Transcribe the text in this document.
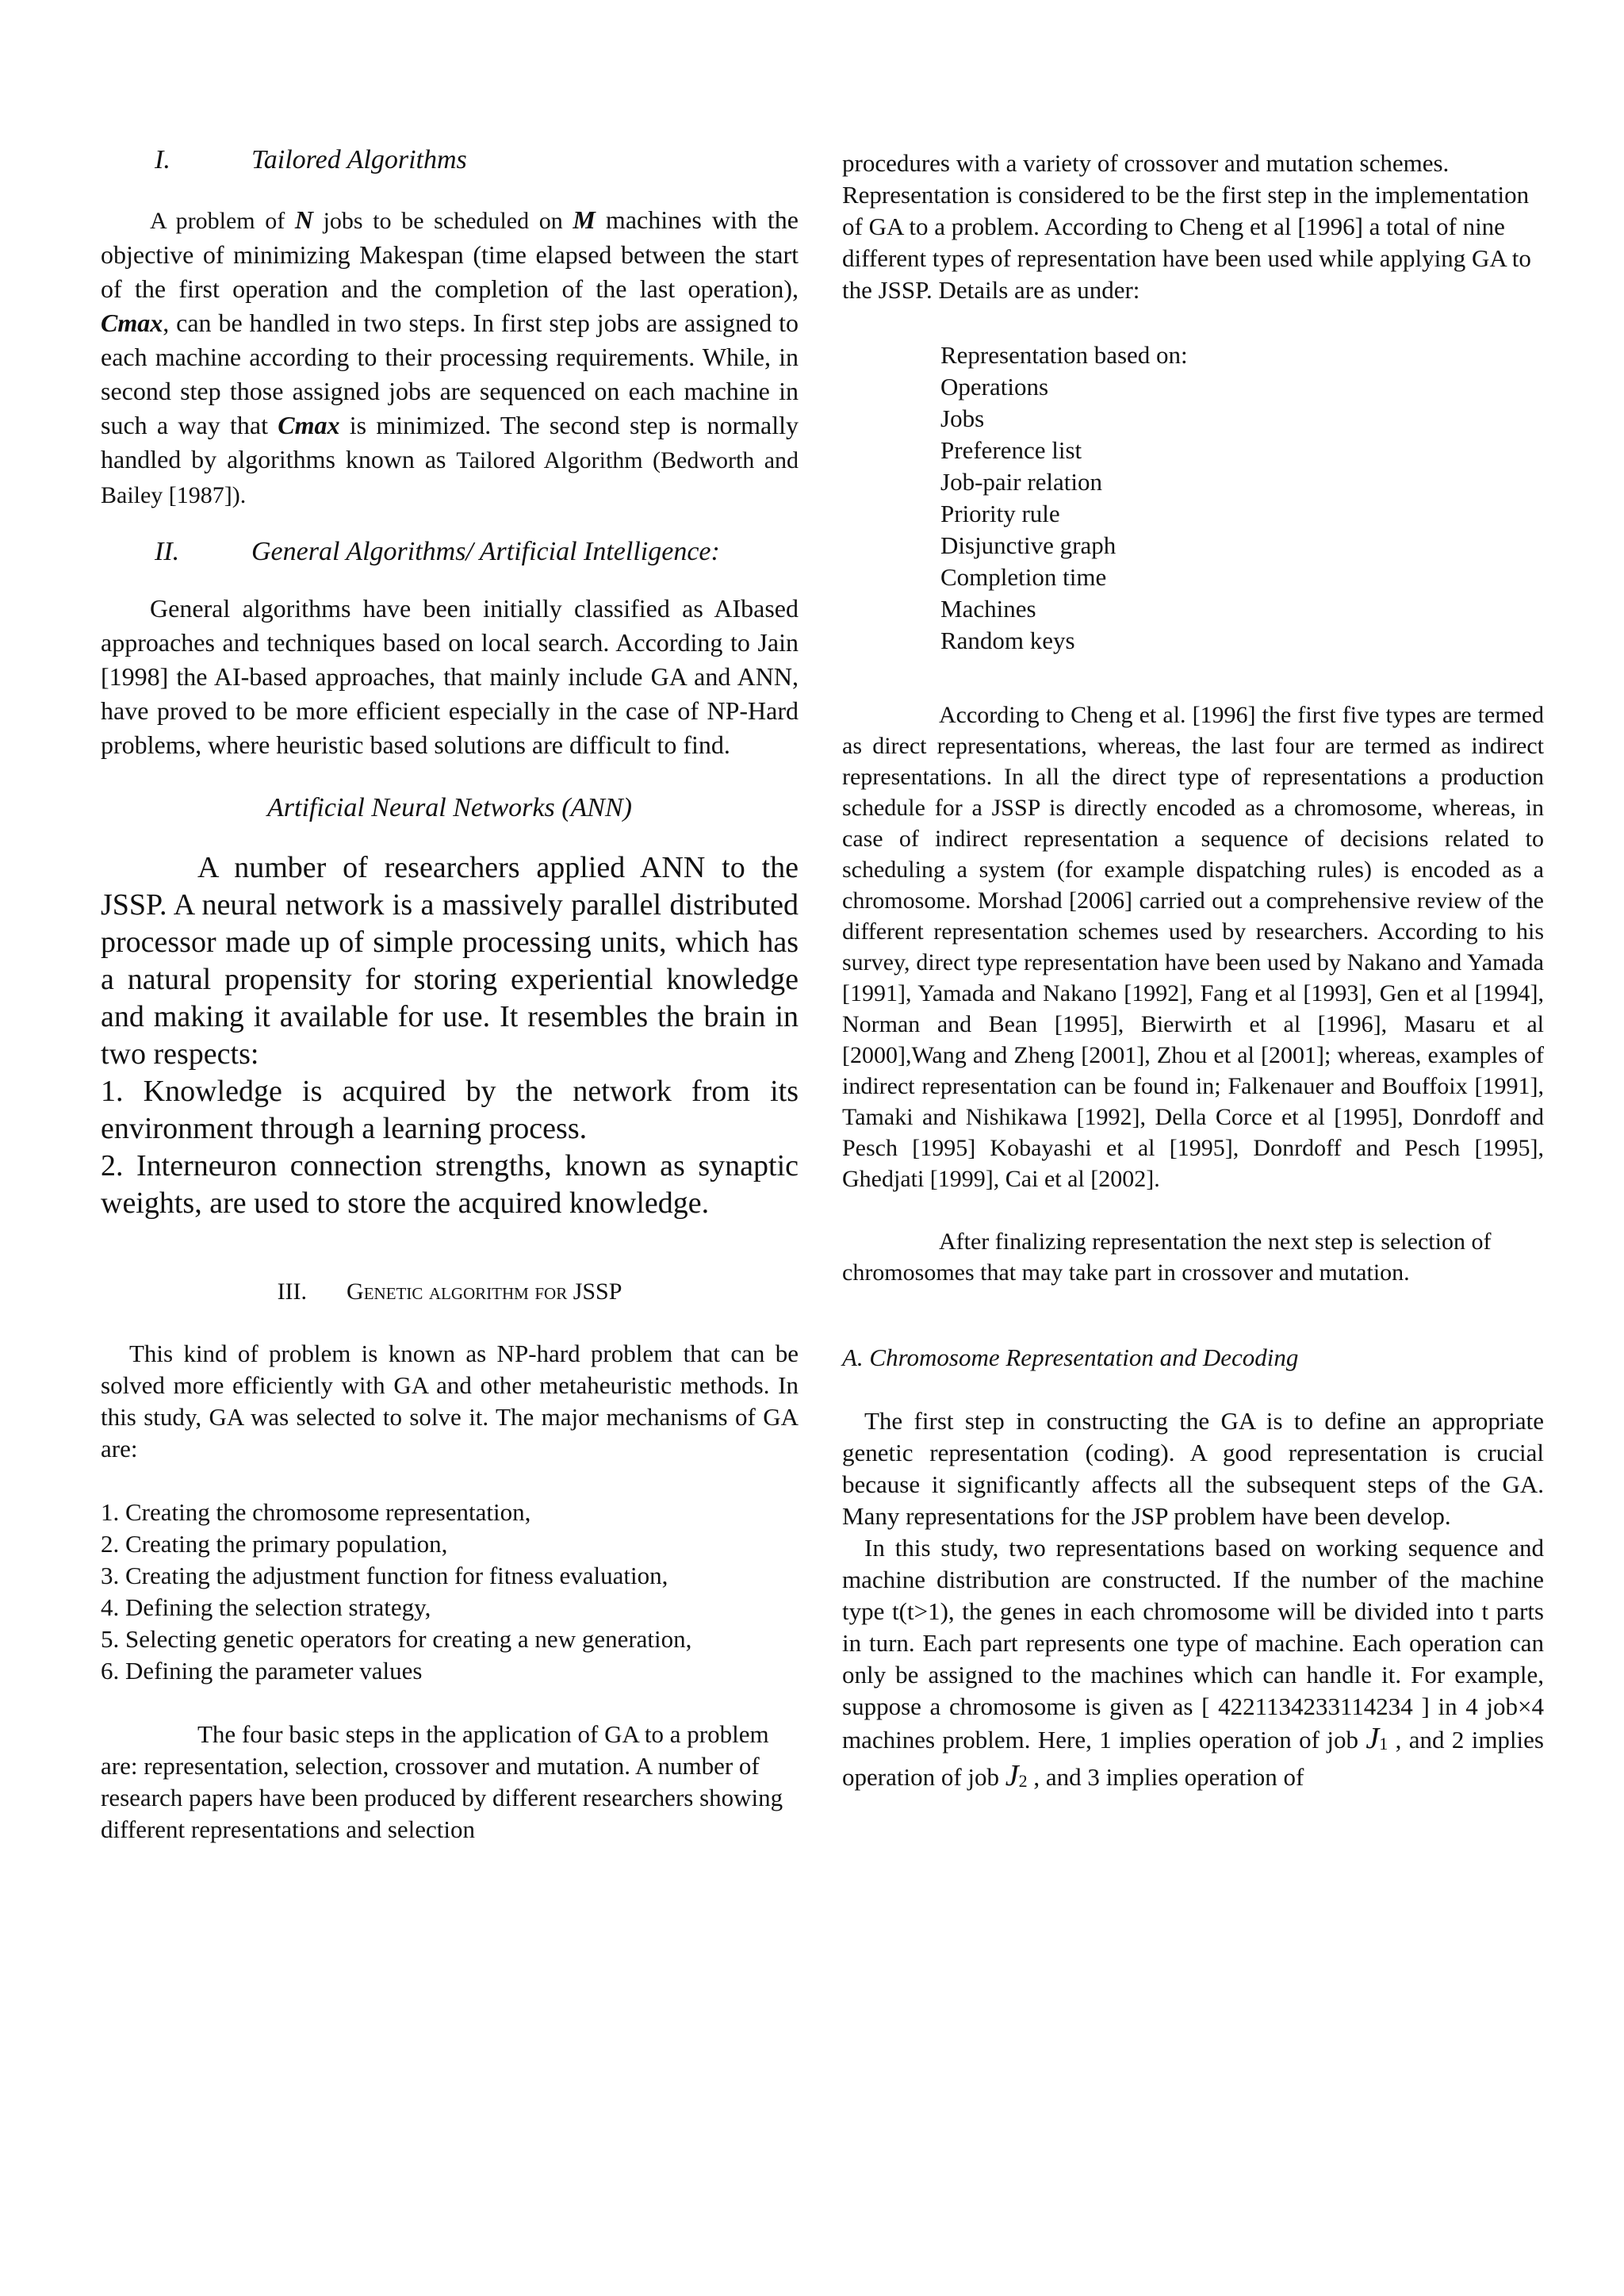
I.	Tailored Algorithms

A problem of N jobs to be scheduled on M machines with the objective of minimizing Makespan (time elapsed between the start of the first operation and the completion of the last operation), Cmax, can be handled in two steps. In first step jobs are assigned to each machine according to their processing requirements. While, in second step those assigned jobs are sequenced on each machine in such a way that Cmax is minimized. The second step is normally handled by algorithms known as Tailored Algorithm (Bedworth and Bailey [1987]).

II.	General Algorithms/ Artificial Intelligence:

General algorithms have been initially classified as AIbased approaches and techniques based on local search. According to Jain [1998] the AI-based approaches, that mainly include GA and ANN, have proved to be more efficient especially in the case of NP-Hard problems, where heuristic based solutions are difficult to find.

Artificial Neural Networks (ANN)

A number of researchers applied ANN to the JSSP. A neural network is a massively parallel distributed processor made up of simple processing units, which has a natural propensity for storing experiential knowledge and making it available for use. It resembles the brain in two respects:

1. Knowledge is acquired by the network from its environment through a learning process.

2. Interneuron connection strengths, known as synaptic weights, are used to store the acquired knowledge.

III. Genetic algorithm for JSSP

This kind of problem is known as NP-hard problem that can be solved more efficiently with GA and other metaheuristic methods. In this study, GA was selected to solve it. The major mechanisms of GA are:

1. Creating the chromosome representation,
2. Creating the primary population,
3. Creating the adjustment function for fitness evaluation,
4. Defining the selection strategy,
5. Selecting genetic operators for creating a new generation,
6. Defining the parameter values

The four basic steps in the application of GA to a problem are: representation, selection, crossover and mutation. A number of research papers have been produced by different researchers showing different representations and selection

procedures with a variety of crossover and mutation schemes. Representation is considered to be the first step in the implementation of GA to a problem. According to Cheng et al [1996] a total of nine different types of representation have been used while applying GA to the JSSP. Details are as under:

Representation based on:
Operations
Jobs
Preference list
Job-pair relation
Priority rule
Disjunctive graph
Completion time
Machines
Random keys

According to Cheng et al. [1996] the first five types are termed as direct representations, whereas, the last four are termed as indirect representations. In all the direct type of representations a production schedule for a JSSP is directly encoded as a chromosome, whereas, in case of indirect representation a sequence of decisions related to scheduling a system (for example dispatching rules) is encoded as a chromosome. Morshad [2006] carried out a comprehensive review of the different representation schemes used by researchers. According to his survey, direct type representation have been used by Nakano and Yamada [1991], Yamada and Nakano [1992], Fang et al [1993], Gen et al [1994], Norman and Bean [1995], Bierwirth et al [1996], Masaru et al [2000],Wang and Zheng [2001], Zhou et al [2001]; whereas, examples of indirect representation can be found in; Falkenauer and Bouffoix [1991], Tamaki and Nishikawa [1992], Della Corce et al [1995], Donrdoff and Pesch [1995] Kobayashi et al [1995], Donrdoff and Pesch [1995], Ghedjati [1999], Cai et al [2002].

After finalizing representation the next step is selection of chromosomes that may take part in crossover and mutation.

A. Chromosome Representation and Decoding

The first step in constructing the GA is to define an appropriate genetic representation (coding). A good representation is crucial because it significantly affects all the subsequent steps of the GA. Many representations for the JSP problem have been develop.

In this study, two representations based on working sequence and machine distribution are constructed. If the number of the machine type t(t>1), the genes in each chromosome will be divided into t parts in turn. Each part represents one type of machine. Each operation can only be assigned to the machines which can handle it. For example, suppose a chromosome is given as [ 4221134233114234 ] in 4 job×4 machines problem. Here, 1 implies operation of job $J_1$ , and 2 implies operation of job $J_2$ , and 3 implies operation of
